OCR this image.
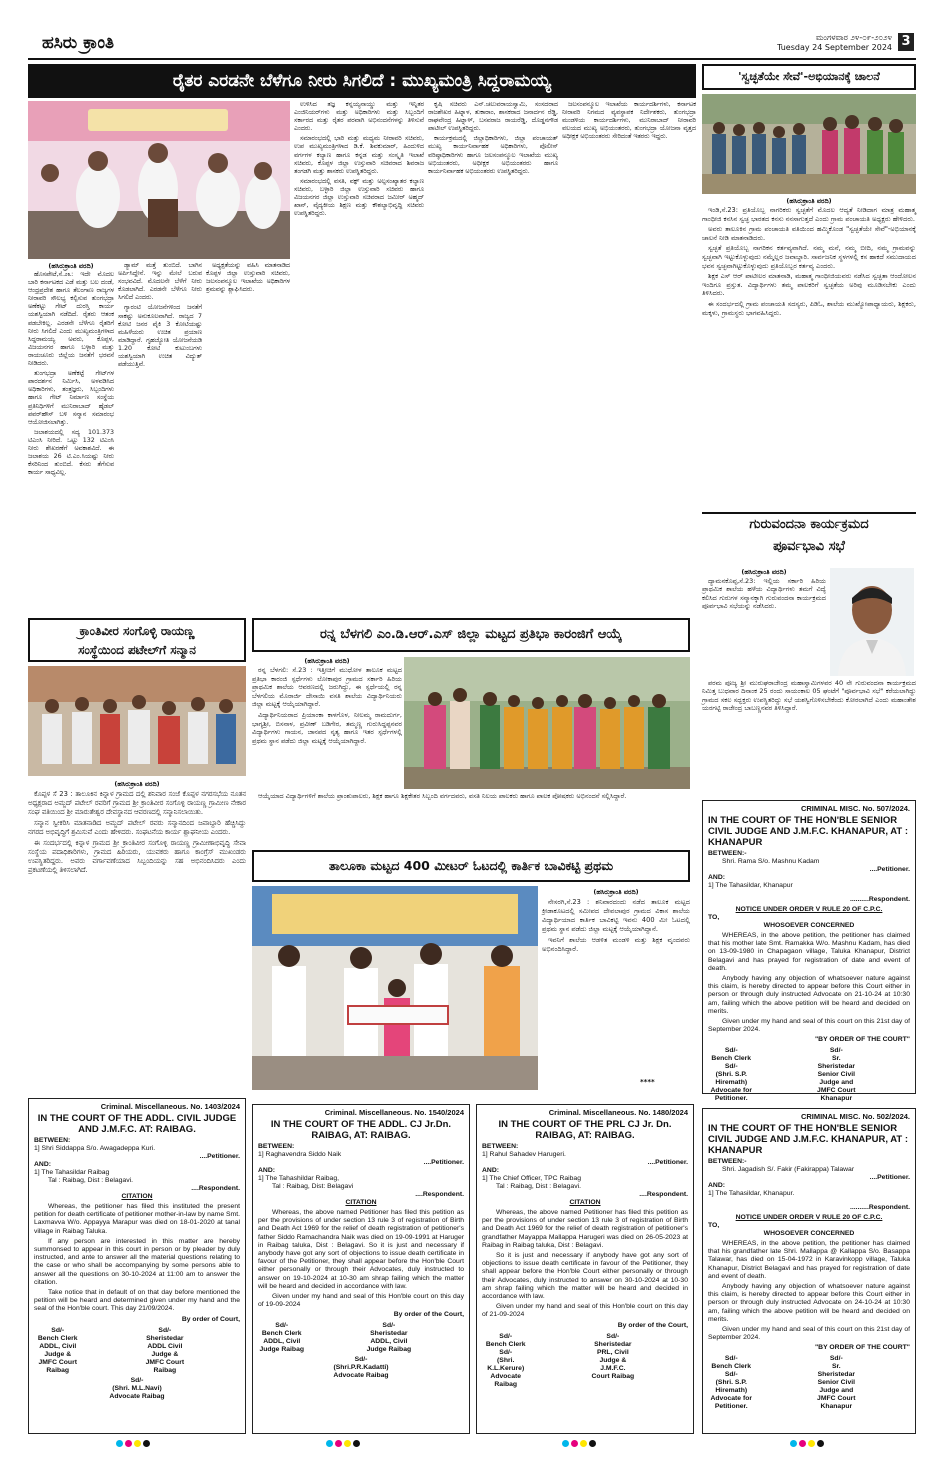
ಹಸಿರು ಕ್ರಾಂತಿ	ಮಂಗಳವಾರ ೨೪-೦೯-೨೦೨೪
Tuesday 24 September 2024 3
ರೈತರ ಎರಡನೇ ಬೆಳೆಗೂ ನೀರು ಸಿಗಲಿದೆ : ಮುಖ್ಯಮಂತ್ರಿ ಸಿದ್ದರಾಮಯ್ಯ
(ಹಸಿರುಕ್ರಾಂತಿ ವರದಿ)

ಹೊಸಪೇಟೆ,ಸೆ.೨೩: ಇದೇ ಮೊದಲ ಬಾರಿ ಕರ್ನಾಟಕದ ಎಡೆ ಮತ್ತು ಬಲ ದಂಡೆ, ಆಂಧ್ರಪ್ರದೇಶ ಹಾಗೂ ತೆಲಂಗಾಣ ರಾಜ್ಯಗಳ ನೀರಾವರಿ ಸೌಲಭ್ಯ ಕಲ್ಪಿಸುವ ತುಂಗಭದ್ರಾ ಅಣೆಕಟ್ಟು ಗೇಟ್ ದುರಸ್ತಿ ಕಾರ್ಯ ಯಶಸ್ವಿಯಾಗಿ ನಡೆದಿದೆ. ರೈತರು ಆತಂಕ ಪಡಬೇಕಿಲ್ಲ. ಎರಡನೇ ಬೆಳೆಗೂ ರೈತರಿಗೆ ನೀರು ಸಿಗಲಿದೆ ಎಂದು ಮುಖ್ಯಮಂತ್ರಿಗಳಾದ ಸಿದ್ದರಾಮಯ್ಯ ಅವರು, ಕೊಪ್ಪಳ, ವಿಜಯನಗರ ಹಾಗೂ ಬಳ್ಳಾರಿ ಮತ್ತು ರಾಯಚೂರು ಜಿಲ್ಲೆಯ ಜನತೆಗೆ ಭರವಸೆ ನೀಡಿದರು.

ತುಂಗಭದ್ರಾ ಅಣೆಕಟ್ಟೆ ಗೇಟ್‌ಗಳ ಪಾರದರ್ಶನ ನಿರ್ಮಿಸಿ, ಅಳವಡಿಸಿದ ಅಧಿಕಾರಿಗಳು, ತಂತ್ರಜ್ಞರು, ಸಿಬ್ಬಂದಿಗಳು ಹಾಗೂ ಗೇಟ್ ನಿರ್ಮಾಣ ಸಂಸ್ಥೆಯ ಪ್ರತಿನಿಧಿಗಳಿಗೆ ಮುನಿರಾಬಾದ್ ಹೈಡಲ್ ಪವರ್‌ಹೌಸ್ ಬಳಿ ಸನ್ಮಾನ ಸಮಾರಂಭ ಆಯೋಜಿಸಲಾಗಿತ್ತು.

ಜಲಾಶಯದಲ್ಲಿ ಸದ್ಯ 101.373 ಟಿಎಂಸಿ ನೀರಿದೆ. ಒಟ್ಟು 132 ಟಿಎಂಸಿ ನೀರು ಶೇಖರಣೆಗೆ ಅವಕಾಶವಿದೆ. ಈ ಜಲಾಶಯ 26 ಟಿ.ಎಂ.ಸಿಯಷ್ಟು ನೀರು ಕೆಸರಿನಿಂದ ತುಂಬಿದೆ. ಕೆಸರು ತೆಗೆಸುವ ಕಾರ್ಯ ಸಾಧ್ಯವಿಲ್ಲ.

ಡ್ಯಾಮ್ ಮತ್ತೆ ತುಂಬಿದೆ. ಬಾಗಿನ ಅರ್ಪಿಸಿದ್ದೇನೆ. ಇನ್ನು ಮೇಲೆ ಬರುವ ಸಂಭವವಿದೆ. ಮೊದಲನೇ ಬೆಳೆಗೆ ನೀರು ಕೊಡಲಾಗಿದೆ. ಎರಡನೇ ಬೆಳೆಗೂ ನೀರು ಸಿಗಲಿದೆ ಎಂದರು.

ಗ್ಯಾರಂಟಿ ಯೋಜನೆಗಳಿಂದ ಜನತೆಗೆ ಸಾಕಷ್ಟು ಅನುಕೂಲವಾಗಿದೆ. ರಾಜ್ಯದ 7 ಕೋಟಿ ಜನರ ಪೈಕಿ 3 ಕೋಟಿಯಷ್ಟು ಮಹಿಳೆಯರು ಉಚಿತ ಪ್ರಯಾಣ ಮಾಡಿದ್ದಾರೆ. ಗೃಹಜ್ಯೋತಿ ಯೋಜನೆಯಡಿ 1.20 ಕೋಟಿ ಕುಟುಂಬಗಳು ಯಶಸ್ವಿಯಾಗಿ ಉಚಿತ ವಿದ್ಯುತ್ ಪಡೆಯುತ್ತಿವೆ.

ಅಧ್ಯಕ್ಷತೆಯನ್ನು ವಹಿಸಿ ಮಾತನಾಡಿದ ಕೊಪ್ಪಳ ಜಿಲ್ಲಾ ಉಸ್ತುವಾರಿ ಸಚಿವರು, ಜಲಸಂಪನ್ಮೂಲ ಇಲಾಖೆಯ ಅಧಿಕಾರಿಗಳ ಶ್ರಮವನ್ನು ಶ್ಲಾಘಿಸಿದರು.

ಉಳಿಸಿದ ತಜ್ಞ ಕನ್ನಯ್ಯನಾಯ್ಡು ಮತ್ತು ಇನ್ನಿತರ ಎಂಜಿನಿಯರ್‌ಗಳು ಮತ್ತು ಅಧಿಕಾರಿಗಳು ಮತ್ತು ಸಿಬ್ಬಂದಿಗೆ ಸರ್ಕಾರದ ಮತ್ತು ರೈತರ ಪರವಾಗಿ ಅಭಿನಂದನೆಗಳನ್ನು ತಿಳಿಸುವೆ ಎಂದರು.

ಸಮಾರಂಭದಲ್ಲಿ ಭಾರಿ ಮತ್ತು ಮಧ್ಯಮ ನೀರಾವರಿ ಸಚಿವರು, ಉಪ ಮುಖ್ಯಮಂತ್ರಿಗಳಾದ ಡಿ.ಕೆ. ಶಿವಕುಮಾರ್, ಹಿಂದುಳಿದ ವರ್ಗಗಳ ಕಲ್ಯಾಣ ಹಾಗೂ ಕನ್ನಡ ಮತ್ತು ಸಂಸ್ಕೃತಿ ಇಲಾಖೆ ಸಚಿವರು, ಕೊಪ್ಪಳ ಜಿಲ್ಲಾ ಉಸ್ತುವಾರಿ ಸಚಿವರಾದ ಶಿವರಾಜ ತಂಗಡಗಿ ಮತ್ತು ಶಾಸಕರು ಉಪಸ್ಥಿತರಿದ್ದರು.

ಸಮಾರಂಭದಲ್ಲಿ ವಸತಿ, ವಕ್ಫ್ ಮತ್ತು ಅಲ್ಪಸಂಖ್ಯಾತರ ಕಲ್ಯಾಣ ಸಚಿವರು, ಬಳ್ಳಾರಿ ಜಿಲ್ಲಾ ಉಸ್ತುವಾರಿ ಸಚಿವರು ಹಾಗೂ ವಿಜಯನಗರ ಜಿಲ್ಲಾ ಉಸ್ತುವಾರಿ ಸಚಿವರಾದ ಜಮೀರ್ ಅಹ್ಮದ್ ಖಾನ್, ವೈದ್ಯಕೀಯ ಶಿಕ್ಷಣ ಮತ್ತು ಕೌಶಲ್ಯಾಭಿವೃದ್ಧಿ ಸಚಿವರು ಉಪಸ್ಥಿತರಿದ್ದರು.

ಕೃಷಿ ಸಚಿವರು ಎನ್.ಚಲುವರಾಯಸ್ವಾಮಿ, ಸಂಸದರಾದ ರಾಜಶೇಖರ ಹಿಟ್ನಾಳ, ತುಕಾರಾಂ, ಶಾಸಕರಾದ ಜನಾರ್ದನ ರೆಡ್ಡಿ, ರಾಘವೇಂದ್ರ ಹಿಟ್ನಾಳ್, ಬಸವರಾಜ ರಾಯರೆಡ್ಡಿ, ದೊಡ್ಡನಗೌಡ ಪಾಟೀಲ್ ಉಪಸ್ಥಿತರಿದ್ದರು.

ಕಾರ್ಯಕ್ರಮದಲ್ಲಿ ಜಿಲ್ಲಾಧಿಕಾರಿಗಳು, ಜಿಲ್ಲಾ ಪಂಚಾಯತ್ ಮುಖ್ಯ ಕಾರ್ಯನಿರ್ವಾಹಕ ಅಧಿಕಾರಿಗಳು, ಪೊಲೀಸ್ ವರಿಷ್ಠಾಧಿಕಾರಿಗಳು ಹಾಗೂ ಜಲಸಂಪನ್ಮೂಲ ಇಲಾಖೆಯ ಮುಖ್ಯ ಅಭಿಯಂತರರು, ಅಧೀಕ್ಷಕ ಅಭಿಯಂತರರು ಹಾಗೂ ಕಾರ್ಯನಿರ್ವಾಹಕ ಅಭಿಯಂತರರು ಉಪಸ್ಥಿತರಿದ್ದರು.

ಜಲಸಂಪನ್ಮೂಲ ಇಲಾಖೆಯ ಕಾರ್ಯದರ್ಶಿಗಳು, ಕರ್ನಾಟಕ ನೀರಾವರಿ ನಿಗಮದ ವ್ಯವಸ್ಥಾಪಕ ನಿರ್ದೇಶಕರು, ತುಂಗಭದ್ರಾ ಮಂಡಳಿಯ ಕಾರ್ಯದರ್ಶಿಗಳು, ಮುನಿರಾಬಾದ್ ನೀರಾವರಿ ವಲಯದ ಮುಖ್ಯ ಅಭಿಯಂತರರು, ತುಂಗಭದ್ರಾ ಯೋಜನಾ ವೃತ್ತದ ಅಧೀಕ್ಷಕ ಅಭಿಯಂತರರು ಸೇರಿದಂತೆ ಇತರರು ಇದ್ದರು.

'ಸ್ವಚ್ಛತೆಯೇ ಸೇವೆ'-ಅಭಿಯಾನಕ್ಕೆ ಚಾಲನೆ
(ಹಸಿರುಕ್ರಾಂತಿ ವರದಿ)

ಇಂಡಿ,ಸೆ.23: ಪ್ರತಿಯೊಬ್ಬ ನಾಗರಿಕರು ಸ್ವಚ್ಛತೆಗೆ ಮೊದಲ ಆದ್ಯತೆ ನೀಡಿದಾಗ ಮಾತ್ರ ಮಹಾತ್ಮ ಗಾಂಧೀಜಿ ಕನಸಿನ ಸ್ವಚ್ಛ ಭಾರತದ ಕನಸು ನನಸಾಗುತ್ತದೆ ಎಂದು ಗ್ರಾಮ ಪಂಚಾಯತಿ ಅಧ್ಯಕ್ಷರು ಹೇಳಿದರು.

ಅವರು ತಾಲೂಕಿನ ಗ್ರಾಮ ಪಂಚಾಯತಿ ವತಿಯಿಂದ ಹಮ್ಮಿಕೊಂಡ "ಸ್ವಚ್ಛತೆಯೇ ಸೇವೆ"-ಅಭಿಯಾನಕ್ಕೆ ಚಾಲನೆ ನೀಡಿ ಮಾತನಾಡಿದರು.

ಸ್ವಚ್ಛತೆ ಪ್ರತಿಯೊಬ್ಬ ನಾಗರಿಕನ ಕರ್ತವ್ಯವಾಗಿದೆ. ನಮ್ಮ ಮನೆ, ನಮ್ಮ ಬೀದಿ, ನಮ್ಮ ಗ್ರಾಮವನ್ನು ಸ್ವಚ್ಛವಾಗಿ ಇಟ್ಟುಕೊಳ್ಳುವುದು ನಮ್ಮೆಲ್ಲರ ಜವಾಬ್ದಾರಿ. ಸಾರ್ವಜನಿಕ ಸ್ಥಳಗಳಲ್ಲಿ ಕಸ ಹಾಕದೆ ಸಮುದಾಯದ ಭವನ ಸ್ವಚ್ಛವಾಗಿಟ್ಟುಕೊಳ್ಳುವುದು ಪ್ರತಿಯೊಬ್ಬರ ಕರ್ತವ್ಯ ಎಂದರು.

ಶಿಕ್ಷಕ ಎಸ್ ಆರ್ ಪಾಟೀಲರ ಮಾತನಾಡಿ, ಮಹಾತ್ಮ ಗಾಂಧೀಜಿಯವರು ನಡೆಸಿದ ಸ್ವಚ್ಛತಾ ಆಂದೋಲನ ಇಂದಿಗೂ ಪ್ರಸ್ತುತ. ವಿದ್ಯಾರ್ಥಿಗಳು ತಮ್ಮ ಪಾಲಕರಿಗೆ ಸ್ವಚ್ಛತೆಯ ಅರಿವು ಮೂಡಿಸಬೇಕು ಎಂದು ತಿಳಿಸಿದರು.

ಈ ಸಂದರ್ಭದಲ್ಲಿ ಗ್ರಾಮ ಪಂಚಾಯತಿ ಸದಸ್ಯರು, ಪಿಡಿಓ, ಶಾಲೆಯ ಮುಖ್ಯೋಪಾಧ್ಯಾಯರು, ಶಿಕ್ಷಕರು, ಮಕ್ಕಳು, ಗ್ರಾಮಸ್ಥರು ಭಾಗವಹಿಸಿದ್ದರು.

ಗುರುವಂದನಾ ಕಾರ್ಯಕ್ರಮದ
ಪೂರ್ವಭಾವಿ ಸಭೆ
(ಹಸಿರುಕ್ರಾಂತಿ ವರದಿ)

ದ್ಯಾಮನಕೊಪ್ಪ,ಸೆ.23: ಇಲ್ಲಿಯ ಸರ್ಕಾರಿ ಹಿರಿಯ ಪ್ರಾಥಮಿಕ ಶಾಲೆಯ ಹಳೆಯ ವಿದ್ಯಾರ್ಥಿಗಳು ತಮಗೆ ವಿದ್ಯೆ ಕಲಿಸಿದ ಗುರುಗಳ ಸನ್ಮಾನಕ್ಕಾಗಿ ಗುರುವಂದನಾ ಕಾರ್ಯಕ್ರಮದ ಪೂರ್ವಭಾವಿ ಸಭೆಯನ್ನು ನಡೆಸಿದರು.

ಪರಮ ಪೂಜ್ಯ ಶ್ರೀ ಮುರುಘರಾಜೇಂದ್ರ ಮಹಾಸ್ವಾಮಿಗಳವರ 40 ನೇ ಗುರುವಂದನಾ ಕಾರ್ಯಕ್ರಮದ ನಿಮಿತ್ತ ಬುಧವಾರ ದಿನಾಂಕ 25 ರಂದು ಸಾಯಂಕಾಲ 05 ಘಂಟೆಗೆ "ಪೂರ್ವಭಾವಿ ಸಭೆ" ಕರೆಯಲಾಗಿದ್ದು ಗ್ರಾಮದ ಸಕಲ ಸದ್ಭಕ್ತರು ಉಪಸ್ಥಿತರಿದ್ದು ಸಭೆ ಯಶಸ್ವಿಗೊಳಿಸಬೇಕೆಂದು ಕೋರಲಾಗಿದೆ ಎಂದು ಮಹಾಂತೇಶ ಯರಗಟ್ಟಿ ರಾಜೇಂದ್ರ ಬಾಬಣ್ಣನವರ ತಿಳಿಸಿದ್ದಾರೆ.

ಕ್ರಾಂತಿವೀರ ಸಂಗೊಳ್ಳಿ ರಾಯಣ್ಣ
ಸಂಸ್ಥೆಯಿಂದ ಪಟೇಲ್‌ಗೆ ಸನ್ಮಾನ
(ಹಸಿರುಕ್ರಾಂತಿ ವರದಿ)

ಕೊಪ್ಪಳ ಸೆ 23 : ತಾಲೂಕಿನ ಕಿನ್ನಾಳ ಗ್ರಾಮದ ದಲ್ಲಿ ಶನಿವಾರ ಸಂಜೆ ಕೊಪ್ಪಳ ನಗರಸಭೆಯ ನೂತನ ಅಧ್ಯಕ್ಷರಾದ ಅಮ್ಜದ್ ಪಟೇಲ್ ರವರಿಗೆ ಗ್ರಾಮದ ಶ್ರೀ ಕ್ರಾಂತಿವೀರ ಸಂಗೊಳ್ಳಿ ರಾಯಣ್ಣ ಗ್ರಾಮೀಣ ನೇಕಾರ ಸಂಘ ವತಿಯಿಂದ ಶ್ರೀ ಮಾರುತೇಶ್ವರ ದೇವಸ್ಥಾನದ ಆವರಣದಲ್ಲಿ ಸನ್ಮಾನಿಸಲಾಯಿತು.

ಸನ್ಮಾನ ಸ್ವೀಕರಿಸಿ ಮಾತನಾಡಿದ ಅಮ್ಜದ್ ಪಟೇಲ್ ರವರು ಸನ್ಮಾನದಿಂದ ಜವಾಬ್ದಾರಿ ಹೆಚ್ಚಿಸಿದ್ದು ನಗರದ ಅಭಿವೃದ್ಧಿಗೆ ಶ್ರಮಿಸುವೆ ಎಂದು ಹೇಳಿದರು. ಸಂಘಟನೆಯ ಕಾರ್ಯ ಶ್ಲಾಘನೀಯ ಎಂದರು.

ಈ ಸಂದರ್ಭದಲ್ಲಿ ಕಿನ್ನಾಳ ಗ್ರಾಮದ ಶ್ರೀ ಕ್ರಾಂತಿವೀರ ಸಂಗೊಳ್ಳಿ ರಾಯಣ್ಣ ಗ್ರಾಮೀಣಾಭಿವೃದ್ಧಿ ಸೇವಾ ಸಂಸ್ಥೆಯ ಪದಾಧಿಕಾರಿಗಳು, ಗ್ರಾಮದ ಹಿರಿಯರು, ಯುವಕರು ಹಾಗೂ ಕಾಂಗ್ರೆಸ್ ಮುಖಂಡರು ಉಪಸ್ಥಿತರಿದ್ದರು. ಅವರು ವರ್ಗಾವಣೆಯಾದ ಸಿಬ್ಬಂದಿಯನ್ನು ಸಹ ಅಭಿನಂದಿಸಿದರು ಎಂದು ಪ್ರಕಟಣೆಯಲ್ಲಿ ತಿಳಿಸಲಾಗಿದೆ.

ರನ್ನ ಬೆಳಗಲಿ ಎಂ.ಡಿ.ಆರ್.ಎಸ್ ಜಿಲ್ಲಾ ಮಟ್ಟದ ಪ್ರತಿಭಾ ಕಾರಂಜಿಗೆ ಆಯ್ಕೆ
(ಹಸಿರುಕ್ರಾಂತಿ ವರದಿ)

ರನ್ನ ಬೆಳಗಲಿ: ಸೆ.23 : ಇತ್ತೀಚಿಗೆ ಮುಧೋಳ ತಾಲೂಕ ಮಟ್ಟದ ಪ್ರತಿಭಾ ಕಾರಂಜಿ ಸ್ಪರ್ಧೆಗಳು ಲೋಕಾಪುರ ಗ್ರಾಮದ ಸರ್ಕಾರಿ ಹಿರಿಯ ಪ್ರಾಥಮಿಕ ಶಾಲೆಯ ಆವರಣದಲ್ಲಿ ಜರುಗಿದ್ದು, ಈ ಸ್ಪರ್ಧೆಯಲ್ಲಿ ರನ್ನ ಬೆಳಗಲಿಯ ಮೊರಾರ್ಜಿ ದೇಸಾಯಿ ವಸತಿ ಶಾಲೆಯ ವಿದ್ಯಾರ್ಥಿನಿಯರು ಜಿಲ್ಲಾ ಮಟ್ಟಕ್ಕೆ ಆಯ್ಕೆಯಾಗಿದ್ದಾರೆ.

ವಿದ್ಯಾರ್ಥಿನಿಯರಾದ ಪ್ರಿಯಾಂಕಾ ಕಾಳಗೊಳ, ನೀಲಮ್ಮ ರಾಮದುರ್ಗ, ಭಾಗ್ಯಶ್ರೀ, ಬಿಸನಾಳ, ಪ್ರವೀಣ್ ಬಡಿಗೇರ, ತಮ್ಮಣ್ಣ ಗುರುಸಿದ್ದಪ್ಪನವರ ವಿದ್ಯಾರ್ಥಿಗಳು ಗಾಯನ, ಜಾನಪದ ನೃತ್ಯ ಹಾಗೂ ಇತರ ಸ್ಪರ್ಧೆಗಳಲ್ಲಿ ಪ್ರಥಮ ಸ್ಥಾನ ಪಡೆದು ಜಿಲ್ಲಾ ಮಟ್ಟಕ್ಕೆ ಆಯ್ಕೆಯಾಗಿದ್ದಾರೆ.

ಆಯ್ಕೆಯಾದ ವಿದ್ಯಾರ್ಥಿಗಳಿಗೆ ಶಾಲೆಯ ಪ್ರಾಂಶುಪಾಲರು, ಶಿಕ್ಷಕ ಹಾಗೂ ಶಿಕ್ಷಕೇತರ ಸಿಬ್ಬಂದಿ ವರ್ಗದವರು, ವಸತಿ ನಿಲಯ ಪಾಲಕರು ಹಾಗೂ ಪಾಲಕ ಪೋಷಕರು ಅಭಿನಂದನೆ ಸಲ್ಲಿಸಿದ್ದಾರೆ.

ತಾಲೂಕಾ ಮಟ್ಟದ 400 ಮೀಟರ್ ಓಟದಲ್ಲಿ ಕಾರ್ತಿಕ ಬಾವಿಕಟ್ಟಿ ಪ್ರಥಮ
(ಹಸಿರುಕ್ರಾಂತಿ ವರದಿ)

ನೇಸರಗಿ,ಸೆ.23 : ಶನಿವಾರದಂದು ನಡೆದ ತಾಲೂಕ ಮಟ್ಟದ ಕ್ರೀಡಾಕೂಟದಲ್ಲಿ ಸಮೀಪದ ದೇವಲಾಪುರ ಗ್ರಾಮದ ವಿಕಾಸ ಶಾಲೆಯ ವಿದ್ಯಾರ್ಥಿಯಾದ ಕಾರ್ತಿಕ ಬಾವಿಕಟ್ಟಿ ಇವನು 400 ಮೀ ಓಟದಲ್ಲಿ ಪ್ರಥಮ ಸ್ಥಾನ ಪಡೆದು ಜಿಲ್ಲಾ ಮಟ್ಟಕ್ಕೆ ಆಯ್ಕೆಯಾಗಿದ್ದಾನೆ.

ಇವನಿಗೆ ಶಾಲೆಯ ಆಡಳಿತ ಮಂಡಳಿ ಮತ್ತು ಶಿಕ್ಷಕ ವೃಂದವರು ಅಭಿನಂದಿಸಿದ್ದಾರೆ.

****
CRIMINAL MISC. No. 507/2024.
IN THE COURT OF THE HON'BLE SENIOR CIVIL JUDGE AND J.M.F.C. KHANAPUR, AT : KHANAPUR
BETWEEN:-
Shri. Rama S/o. Mashnu Kadam
....Petitioner.
AND:
1] The Tahasildar, Khanapur
..........Respondent.
NOTICE UNDER ORDER V RULE 20 OF C.P.C.
TO,
WHOSOEVER CONCERNED
WHEREAS, in the above petition, the petitioner has claimed that his mother late Smt. Ramakka W/o. Mashnu Kadam, has died on 13-09-1980 in Chapagaon village, Taluka Khanapur, District Belagavi and has prayed for registration of date and event of death.
Anybody having any objection of whatsoever nature against this claim, is hereby directed to appear before this Court either in person or through duly instructed Advocate on 21-10-24 at 10:30 am, failing which the above petition will be heard and decided on merits.
Given under my hand and seal of this court on this 21st day of September 2024.
"BY ORDER OF THE COURT"
Sd/-
Bench Clerk
Sd/-
(Shri. S.P. Hiremath)
Advocate for Petitioner.
Sd/-
Sr. Sheristedar
Senior Civil Judge and
JMFC Court Khanapur
Criminal. Miscellaneous. No. 1403/2024
IN THE COURT OF THE ADDL. CIVIL JUDGE AND J.M.F.C. AT: RAIBAG.
BETWEEN:
1] Shri Siddappa S/o. Awagadeppa Kuri.
....Petitioner.
AND:
1] The Tahasildar Raibag
Tal : Raibag, Dist : Belagavi.
....Respondent.
CITATION
Whereas, the petitioner has filed this instituted the present petition for death certificate of petitioner mother-in-law by name Smt. Laxmavva W/o. Appayya Marapur was died on 18-01-2020 at tanal village in Raibag Taluka.
If any person are interested in this matter are hereby summonsed to appear in this court in person or by pleader by duly instructed, and ante to answer all the material questions relating to the case or who shall be accompanying by some persons able to answer all the questions on 30-10-2024 at 11:00 am to answer the citation.
Take notice that in default of on that day before mentioned the petition will be heard and determined given under my hand and the seal of the Hon'ble court. This day 21/09/2024.
By order of Court,
Sd/-
Bench Clerk
ADDL, Civil Judge &
JMFC Court Raibag
Sd/-
Sheristedar
ADDL Civil Judge &
JMFC Court Raibag
Sd/-
(Shri. M.L.Navi)
Advocate Raibag
Criminal. Miscellaneous. No. 1540/2024
IN THE COURT OF THE ADDL. CJ Jr.Dn. RAIBAG, AT: RAIBAG.
BETWEEN:
1] Raghavendra Siddo Naik
....Petitioner.
AND:
1] The Tahashildar Raibag,
Tal : Raibag, Dist: Belagavi
....Respondent.
CITATION
Whereas, the above named Petitioner has filed this petition as per the provisions of under section 13 rule 3 of registration of Birth and Death Act 1969 for the relief of death registration of petitioner's father Siddo Ramachandra Naik was died on 19-09-1991 at Haruger in Raibag taluka, Dist : Belagavi. So it is just and necessary if anybody have got any sort of objections to issue death certificate in favour of the Petitioner, they shall appear before the Hon'ble Court either personally or through their Advocates, duly instructed to answer on 19-10-2024 at 10-30 am shrap failing which the matter will be heard and decided in accordance with law.
Given under my hand and seal of this Hon'ble court on this day of 19-09-2024
By order of the Court,
Sd/-
Bench Clerk
ADDL, Civil Judge Raibag
Sd/-
Sheristedar
ADDL, Civil Judge Raibag
Sd/-
(Shri.P.R.Kadatti)
Advocate Raibag
Criminal. Miscellaneous. No. 1480/2024
IN THE COURT OF THE PRL CJ Jr. Dn. RAIBAG, AT: RAIBAG.
BETWEEN:
1] Rahul Sahadev Harugeri.
....Petitioner.
AND:
1] The Chief Officer, TPC Raibag
Tal : Raibag, Dist : Belagavi.
....Respondent.
CITATION
Whereas, the above named Petitioner has filed this petition as per the provisions of under section 13 rule 3 of registration of Birth and Death Act 1969 for the relief of death registration of petitioner's grandfather Mayappa Mallappa Harugeri was died on 26-05-2023 at Raibag in Raibag taluka, Dist : Belagavi.
So it is just and necessary if anybody have got any sort of objections to issue death certificate in favour of the Petitioner, they shall appear before the Hon'ble Court either personally or through their Advocates, duly instructed to answer on 30-10-2024 at 10-30 am shrap failing which the matter will be heard and decided in accordance with law.
Given under my hand and seal of this Hon'ble court on this day of 21-09-2024
By order of the Court,
Sd/-
Bench Clerk
Sd/-
(Shri. K.L.Kerure)
Advocate Raibag
Sd/-
Sheristedar
PRL, Civil Judge & J.M.F.C.
Court Raibag
CRIMINAL MISC. No. 502/2024.
IN THE COURT OF THE HON'BLE SENIOR CIVIL JUDGE AND J.M.F.C. KHANAPUR, AT : KHANAPUR
BETWEEN:-
Shri. Jagadish S/. Fakir (Fakirappa) Talawar
....Petitioner.
AND:
1] The Tahasildar, Khanapur.
..........Respondent.
NOTICE UNDER ORDER V RULE 20 OF C.P.C.
TO,
WHOSOEVER CONCERNED
WHEREAS, in the above petition, the petitioner has claimed that his grandfather late Shri. Mallappa @ Kallappa S/o. Basappa Talawar, has died on 15-04-1972 in Karavinkopp village, Taluka Khanapur, District Belagavi and has prayed for registration of date and event of death.
Anybody having any objection of whatsoever nature against this claim, is hereby directed to appear before this Court either in person or through duly instructed Advocate on 24-10-24 at 10:30 am, failing which the above petition will be heard and decided on merits.
Given under my hand and seal of this court on this 21st day of September 2024.
"BY ORDER OF THE COURT"
Sd/-
Bench Clerk
Sd/-
(Shri. S.P. Hiremath)
Advocate for Petitioner.
Sd/-
Sr. Sheristedar
Senior Civil Judge and
JMFC Court Khanapur
